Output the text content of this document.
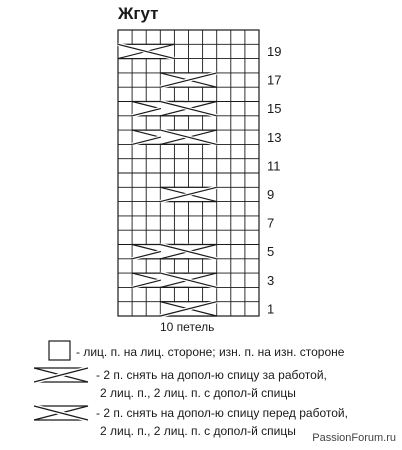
Жгут
1
3
5
7
9
11
13
15
17
19
10 петель
- лиц. п. на лиц. стороне; изн. п. на изн. стороне
- 2 п. снять на допол-ю спицу за работой,
2 лиц. п., 2 лиц. п. с допол-й спицы
- 2 п. снять на допол-ю спицу перед работой,
2 лиц. п., 2 лиц. п. с допол-й спицы	PassionForum.ru
